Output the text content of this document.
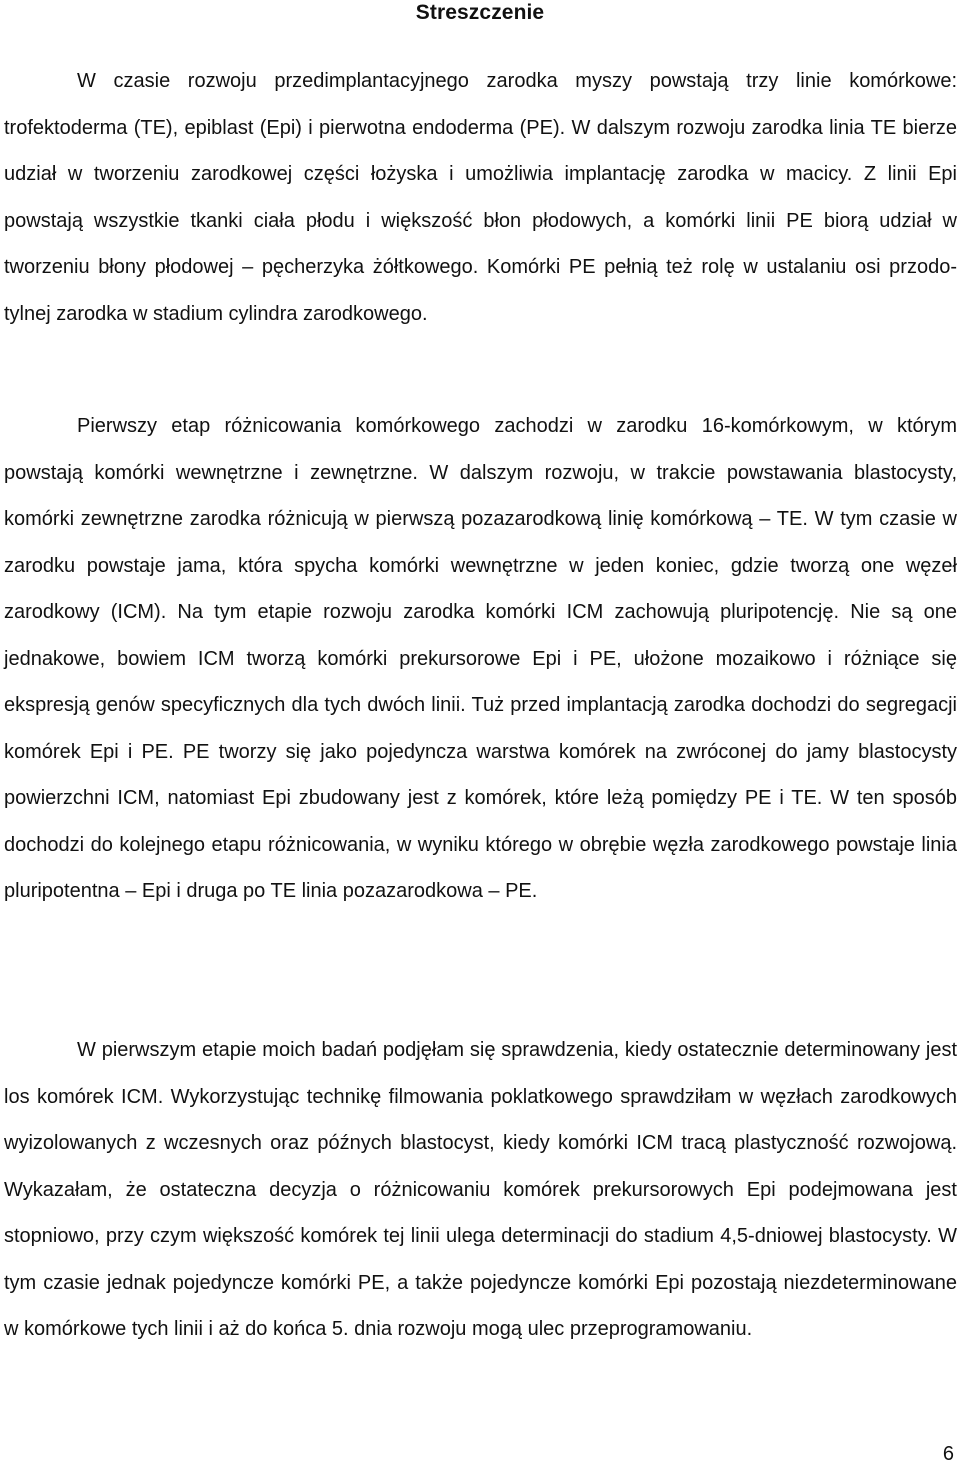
Streszczenie

W czasie rozwoju przedimplantacyjnego zarodka myszy powstają trzy linie komórkowe: trofektoderma (TE), epiblast (Epi) i pierwotna endoderma (PE). W dalszym rozwoju zarodka linia TE bierze udział w tworzeniu zarodkowej części łożyska i umożliwia implantację zarodka w macicy. Z linii Epi powstają wszystkie tkanki ciała płodu i większość błon płodowych, a komórki linii PE biorą udział w tworzeniu błony płodowej – pęcherzyka żółtkowego. Komórki PE pełnią też rolę w ustalaniu osi przodo-tylnej zarodka w stadium cylindra zarodkowego.

Pierwszy etap różnicowania komórkowego zachodzi w zarodku 16-komórkowym, w którym powstają komórki wewnętrzne i zewnętrzne. W dalszym rozwoju, w trakcie powstawania blastocysty, komórki zewnętrzne zarodka różnicują w pierwszą pozazarodkową linię komórkową – TE. W tym czasie w zarodku powstaje jama, która spycha komórki wewnętrzne w jeden koniec, gdzie tworzą one węzeł zarodkowy (ICM). Na tym etapie rozwoju zarodka komórki ICM zachowują pluripotencję. Nie są one jednakowe, bowiem ICM tworzą komórki prekursorowe Epi i PE, ułożone mozaikowo i różniące się ekspresją genów specyficznych dla tych dwóch linii. Tuż przed implantacją zarodka dochodzi do segregacji komórek Epi i PE. PE tworzy się jako pojedyncza warstwa komórek na zwróconej do jamy blastocysty powierzchni ICM, natomiast Epi zbudowany jest z komórek, które leżą pomiędzy PE i TE. W ten sposób dochodzi do kolejnego etapu różnicowania, w wyniku którego w obrębie węzła zarodkowego powstaje linia pluripotentna – Epi i druga po TE linia pozazarodkowa – PE.

W pierwszym etapie moich badań podjęłam się sprawdzenia, kiedy ostatecznie determinowany jest los komórek ICM. Wykorzystując technikę filmowania poklatkowego sprawdziłam w węzłach zarodkowych wyizolowanych z wczesnych oraz późnych blastocyst, kiedy komórki ICM tracą plastyczność rozwojową. Wykazałam, że ostateczna decyzja o różnicowaniu komórek prekursorowych Epi podejmowana jest stopniowo, przy czym większość komórek tej linii ulega determinacji do stadium 4,5-dniowej blastocysty. W tym czasie jednak pojedyncze komórki PE, a także pojedyncze komórki Epi pozostają niezdeterminowane w komórkowe tych linii i aż do końca 5. dnia rozwoju mogą ulec przeprogramowaniu.

6
